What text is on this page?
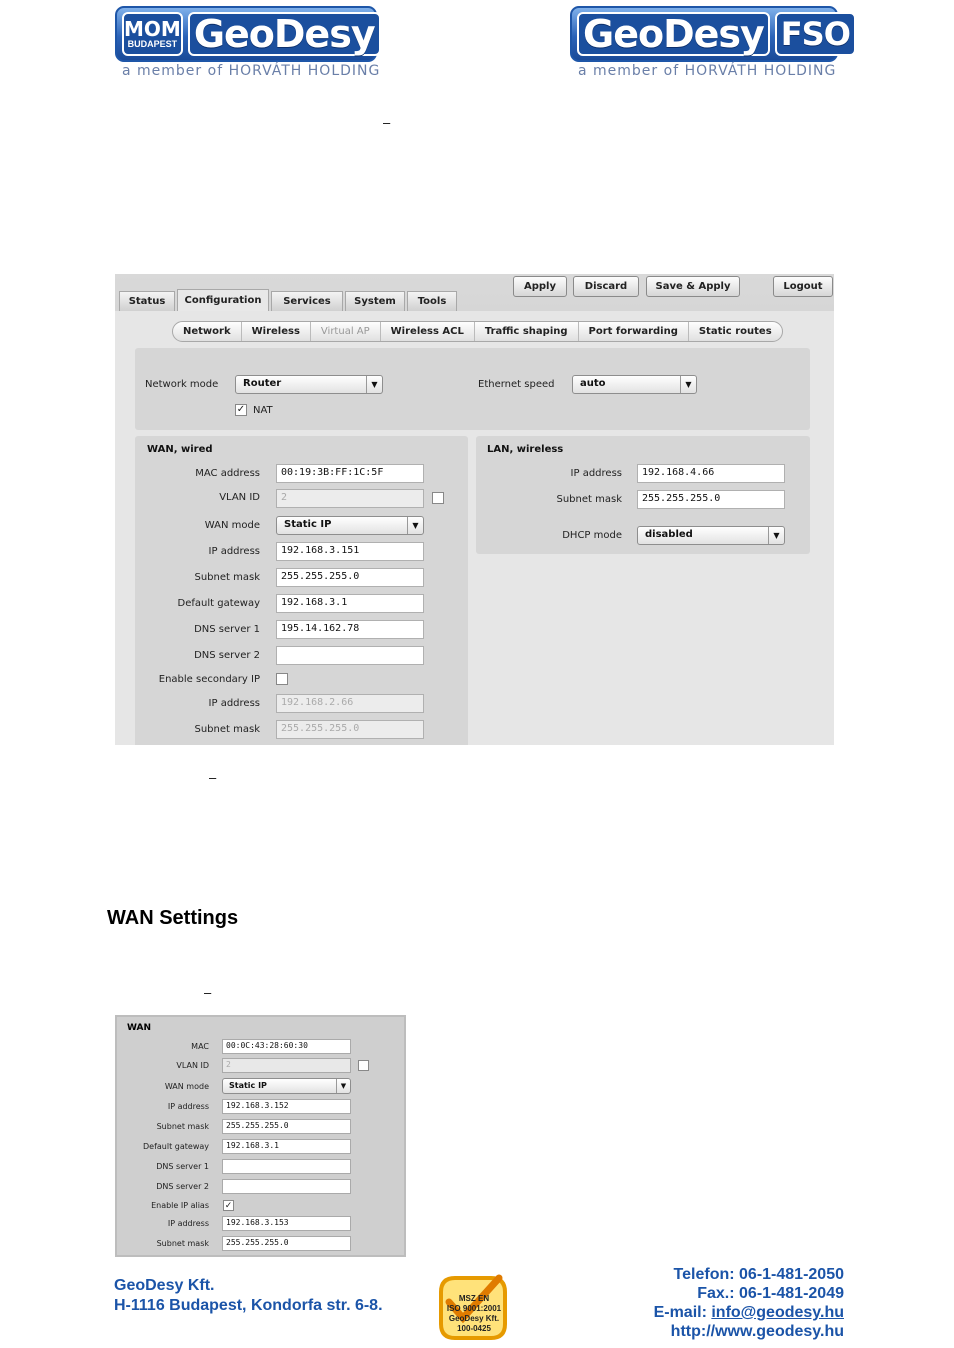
MOM
BUDAPEST GeoDesy
a member of HORVÁTH HOLDING
GeoDesy FSO
a member of HORVÁTH HOLDING
–
Status	Configuration	Services	System	Tools
Apply	Discard	Save & Apply	Logout
Network	Wireless	Virtual AP	Wireless ACL	Traffic shaping	Port forwarding	Static routes
Network mode	Router	▼
✓ NAT
Ethernet speed	auto	▼
WAN, wired
MAC address	00:19:3B:FF:1C:5F
VLAN ID	2
WAN mode	Static IP	▼
IP address	192.168.3.151
Subnet mask	255.255.255.0
Default gateway	192.168.3.1
DNS server 1	195.14.162.78
DNS server 2
Enable secondary IP
IP address	192.168.2.66
Subnet mask	255.255.255.0
LAN, wireless
IP address	192.168.4.66
Subnet mask	255.255.255.0
DHCP mode	disabled	▼
–
WAN Settings
–
WAN
MAC	00:0C:43:28:60:30
VLAN ID	2
WAN mode	Static IP	▼
IP address	192.168.3.152
Subnet mask	255.255.255.0
Default gateway	192.168.3.1
DNS server 1
DNS server 2
Enable IP alias ✓
IP address	192.168.3.153
Subnet mask	255.255.255.0
GeoDesy Kft.
H-1116 Budapest, Kondorfa str. 6-8.	MSZ EN
ISO 9001:2001
GeoDesy Kft.
100-0425
Telefon: 06-1-481-2050
Fax.: 06-1-481-2049
E-mail: info@geodesy.hu
http://www.geodesy.hu
